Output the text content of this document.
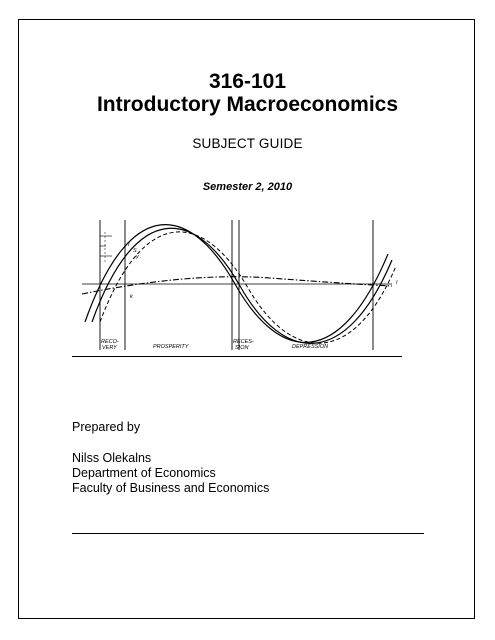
316-101
Introductory Macroeconomics
SUBJECT GUIDE
Semester 2, 2010
I
S
y
k
I
RECO-
VERY	PROSPERITY
RECES-
SION	DEPRESSION
Prepared by
Nilss Olekalns
Department of Economics
Faculty of Business and Economics
